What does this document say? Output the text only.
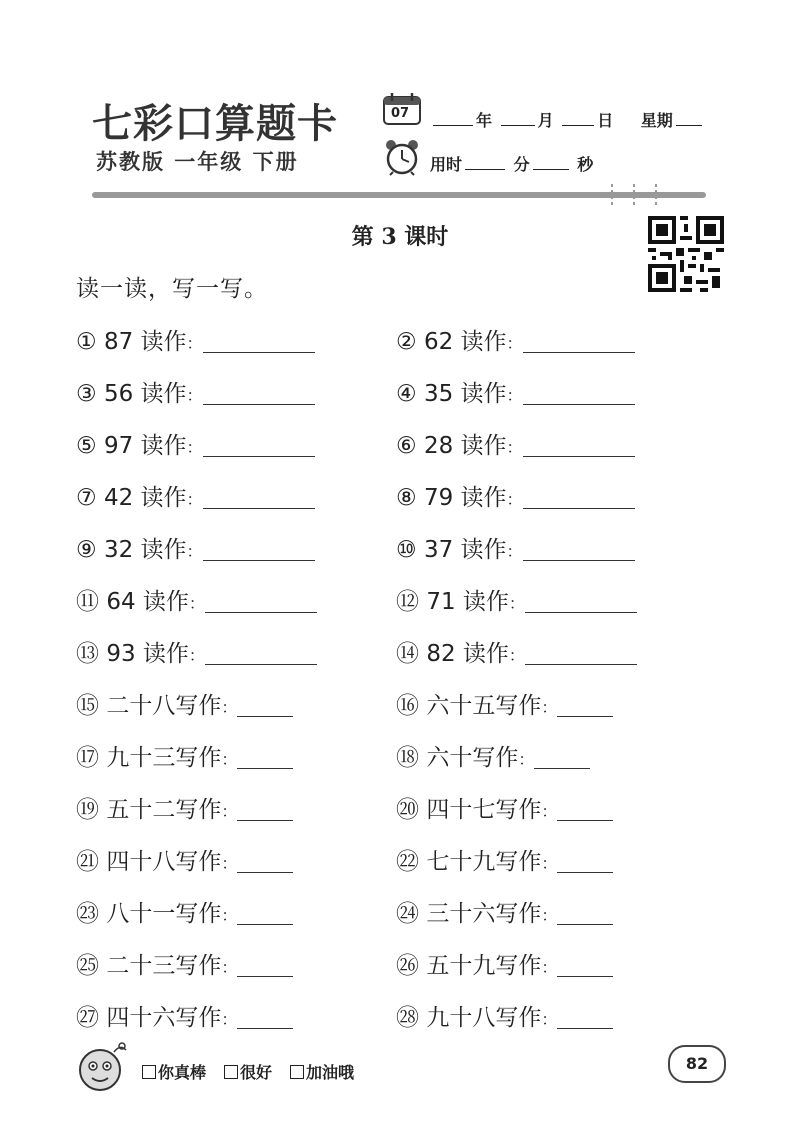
七彩口算题卡
苏教版 一年级 下册
07	年	月	日 星期
用时	分	秒
第 3 课时
读一读，写一写。
① 87 读作：	② 62 读作：
③ 56 读作：	④ 35 读作：
⑤ 97 读作：	⑥ 28 读作：
⑦ 42 读作：	⑧ 79 读作：
⑨ 32 读作：	⑩ 37 读作：
⑪ 64 读作：	⑫ 71 读作：
⑬ 93 读作：	⑭ 82 读作：
⑮ 二十八写作：	⑯ 六十五写作：
⑰ 九十三写作：	⑱ 六十写作：
⑲ 五十二写作：	⑳ 四十七写作：
㉑ 四十八写作：	㉒ 七十九写作：
㉓ 八十一写作：	㉔ 三十六写作：
㉕ 二十三写作：	㉖ 五十九写作：
㉗ 四十六写作：	㉘ 九十八写作：
你真棒 很好 加油哦	82
